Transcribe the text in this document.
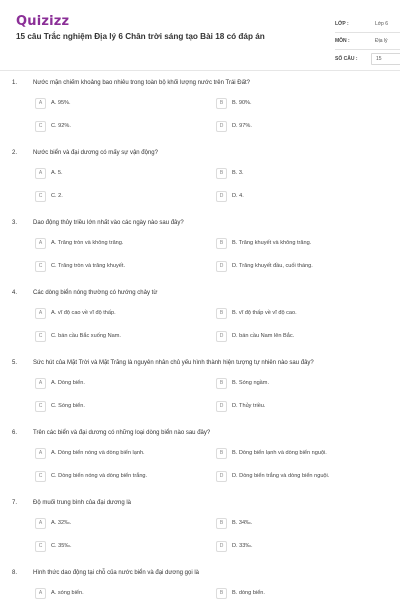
Quizizz
15 câu Trắc nghiệm Địa lý 6 Chân trời sáng tạo Bài 18 có đáp án
LỚP :	Lớp 6
MÔN :	Địa lý
SỐ CÂU :	15
1.	Nước mặn chiếm khoảng bao nhiêu trong toàn bộ khối lượng nước trên Trái Đất?
A	A. 95%.	B	B. 90%.
C	C. 92%.	D	D. 97%.
2.	Nước biển và đại dương có mấy sự vận động?
A	A. 5.	B	B. 3.
C	C. 2.	D	D. 4.
3.	Dao động thủy triều lớn nhất vào các ngày nào sau đây?
A	A. Trăng tròn và không trăng.	B	B. Trăng khuyết và không trăng.
C	C. Trăng tròn và trăng khuyết.	D	D. Trăng khuyết đầu, cuối tháng.
4.	Các dòng biển nóng thường có hướng chảy từ
A	A. vĩ độ cao về vĩ độ thấp.	B	B. vĩ độ thấp về vĩ độ cao.
C	C. bán cầu Bắc xuống Nam.	D	D. bán cầu Nam lên Bắc.
5.	Sức hút của Mặt Trời và Mặt Trăng là nguyên nhân chủ yếu hình thành hiện tượng tự nhiên nào sau đây?
A	A. Dòng biển.	B	B. Sóng ngầm.
C	C. Sóng biển.	D	D. Thủy triều.
6.	Trên các biển và đại dương có những loại dòng biển nào sau đây?
A	A. Dòng biển nóng và dòng biển lạnh.	B	B. Dòng biển lạnh và dòng biển nguội.
C	C. Dòng biển nóng và dòng biển trắng.	D	D. Dòng biển trắng và dòng biển nguội.
7.	Độ muối trung bình của đại dương là
A	A. 32‰.	B	B. 34‰.
C	C. 35‰.	D	D. 33‰.
8.	Hình thức dao động tại chỗ của nước biển và đại dương gọi là
A	A. sóng biển.	B	B. dòng biển.
